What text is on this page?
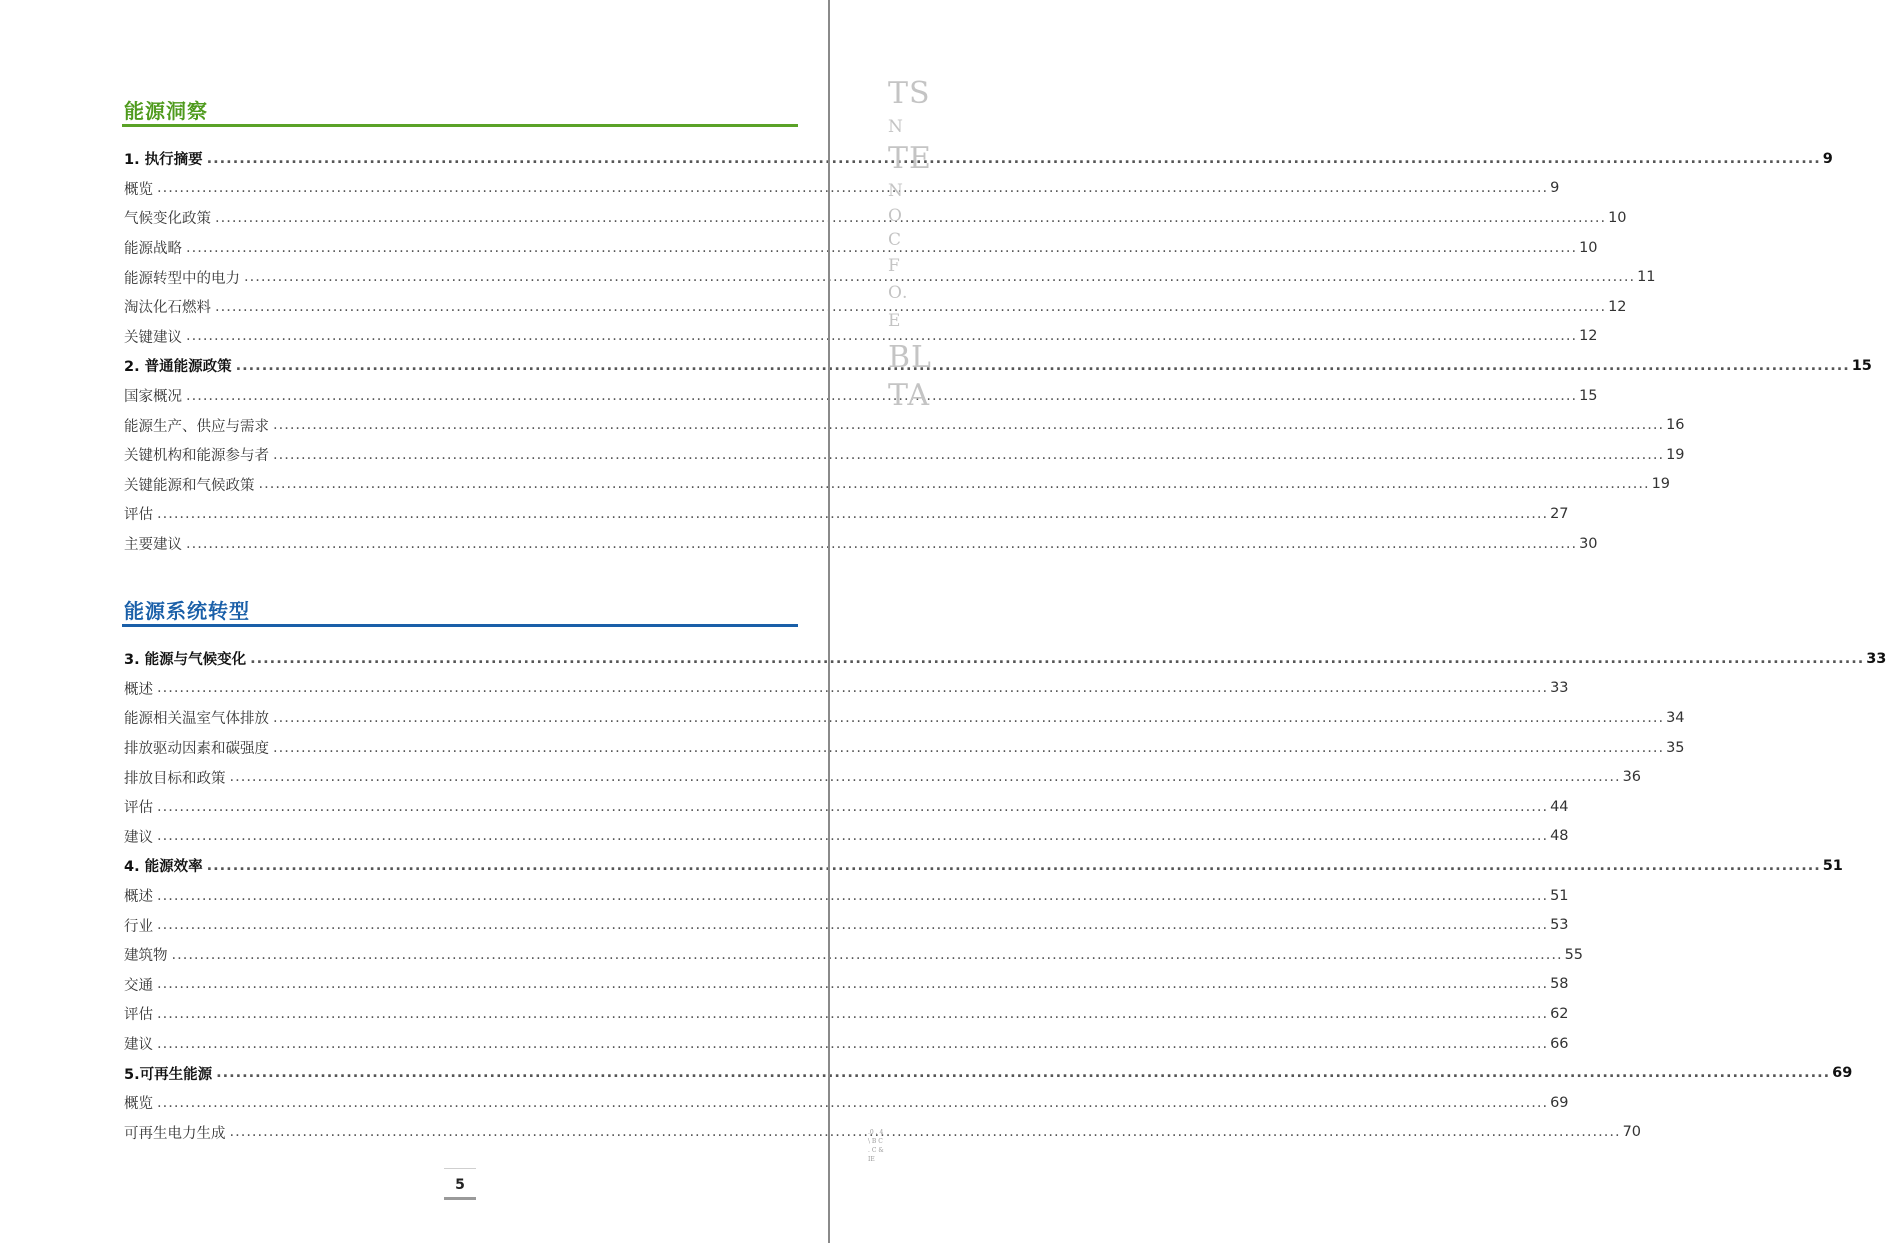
能源洞察
1. 执行摘要 .....	9
概览 .....	9
气候变化政策 .....	10
能源战略 .....	10
能源转型中的电力 .....	11
淘汰化石燃料 .....	12
关键建议 .....	12
2. 普通能源政策 .....	15
国家概况 .....	15
能源生产、供应与需求 .....	16
关键机构和能源参与者 .....	19
关键能源和气候政策 .....	19
评估 .....	27
主要建议 .....	30
能源系统转型
3. 能源与气候变化 .....	33
概述 .....	33
能源相关温室气体排放 .....	34
排放驱动因素和碳强度 .....	35
排放目标和政策 .....	36
评估 .....	44
建议 .....	48
4. 能源效率 .....	51
概述 .....	51
行业 .....	53
建筑物 .....	55
交通 .....	58
评估 .....	62
建议 .....	66
5.可再生能源 .....	69
概览 .....	69
可再生电力生成 .....	70
TS
N
TE
N
O
C
F
O.
E
BL
TA
.0 . 4 \ B C . C & IE
5
